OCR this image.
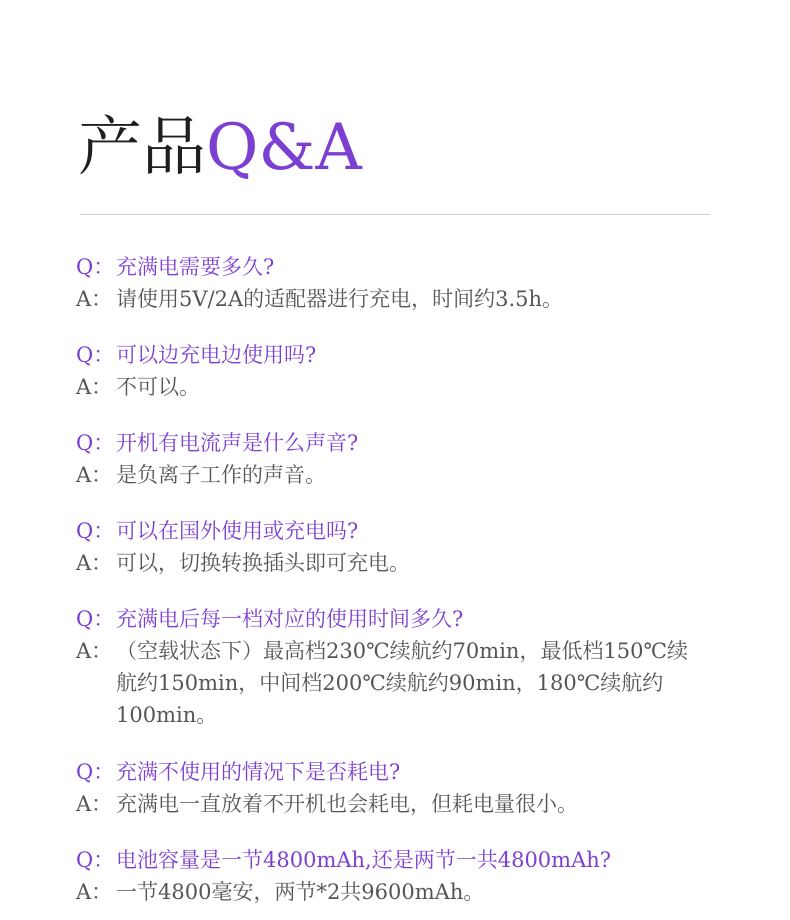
产品Q&A
Q： 充满电需要多久?
A： 请使用5V/2A的适配器进行充电，时间约3.5h。
Q： 可以边充电边使用吗?
A： 不可以。
Q： 开机有电流声是什么声音?
A： 是负离子工作的声音。
Q： 可以在国外使用或充电吗?
A： 可以，切换转换插头即可充电。
Q： 充满电后每一档对应的使用时间多久?
A： （空载状态下）最高档230℃续航约70min，最低档150℃续航约150min，中间档200℃续航约90min，180℃续航约100min。
Q： 充满不使用的情况下是否耗电?
A： 充满电一直放着不开机也会耗电，但耗电量很小。
Q： 电池容量是一节4800mAh,还是两节一共4800mAh?
A： 一节4800毫安，两节*2共9600mAh。
